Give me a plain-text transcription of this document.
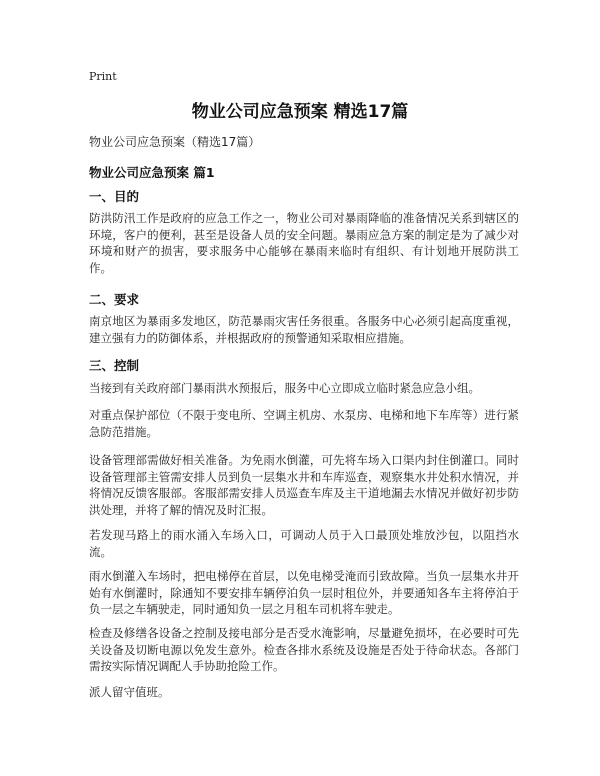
Print
物业公司应急预案 精选17篇
物业公司应急预案（精选17篇）
物业公司应急预案 篇1
一、目的
防洪防汛工作是政府的应急工作之一，物业公司对暴雨降临的准备情况关系到辖区的环境，客户的便利，甚至是设备人员的安全问题。暴雨应急方案的制定是为了减少对环境和财产的损害，要求服务中心能够在暴雨来临时有组织、有计划地开展防洪工作。
二、要求
南京地区为暴雨多发地区，防范暴雨灾害任务很重。各服务中心必须引起高度重视，建立强有力的防御体系，并根据政府的预警通知采取相应措施。
三、控制
当接到有关政府部门暴雨洪水预报后，服务中心立即成立临时紧急应急小组。
对重点保护部位（不限于变电所、空调主机房、水泵房、电梯和地下车库等）进行紧急防范措施。
设备管理部需做好相关准备。为免雨水倒灌，可先将车场入口渠内封住倒灌口。同时设备管理部主管需安排人员到负一层集水井和车库巡查，观察集水井处积水情况，并将情况反馈客服部。客服部需安排人员巡查车库及主干道地漏去水情况并做好初步防洪处理，并将了解的情况及时汇报。
若发现马路上的雨水涌入车场入口，可调动人员于入口最顶处堆放沙包，以阻挡水流。
雨水倒灌入车场时，把电梯停在首层，以免电梯受淹而引致故障。当负一层集水井开始有水倒灌时，除通知不要安排车辆停泊负一层时租位外，并要通知各车主将停泊于负一层之车辆驶走，同时通知负一层之月租车司机将车驶走。
检查及修缮各设备之控制及接电部分是否受水淹影响，尽量避免损坏，在必要时可先关设备及切断电源以免发生意外。检查各排水系统及设施是否处于待命状态。各部门需按实际情况调配人手协助抢险工作。
派人留守值班。
